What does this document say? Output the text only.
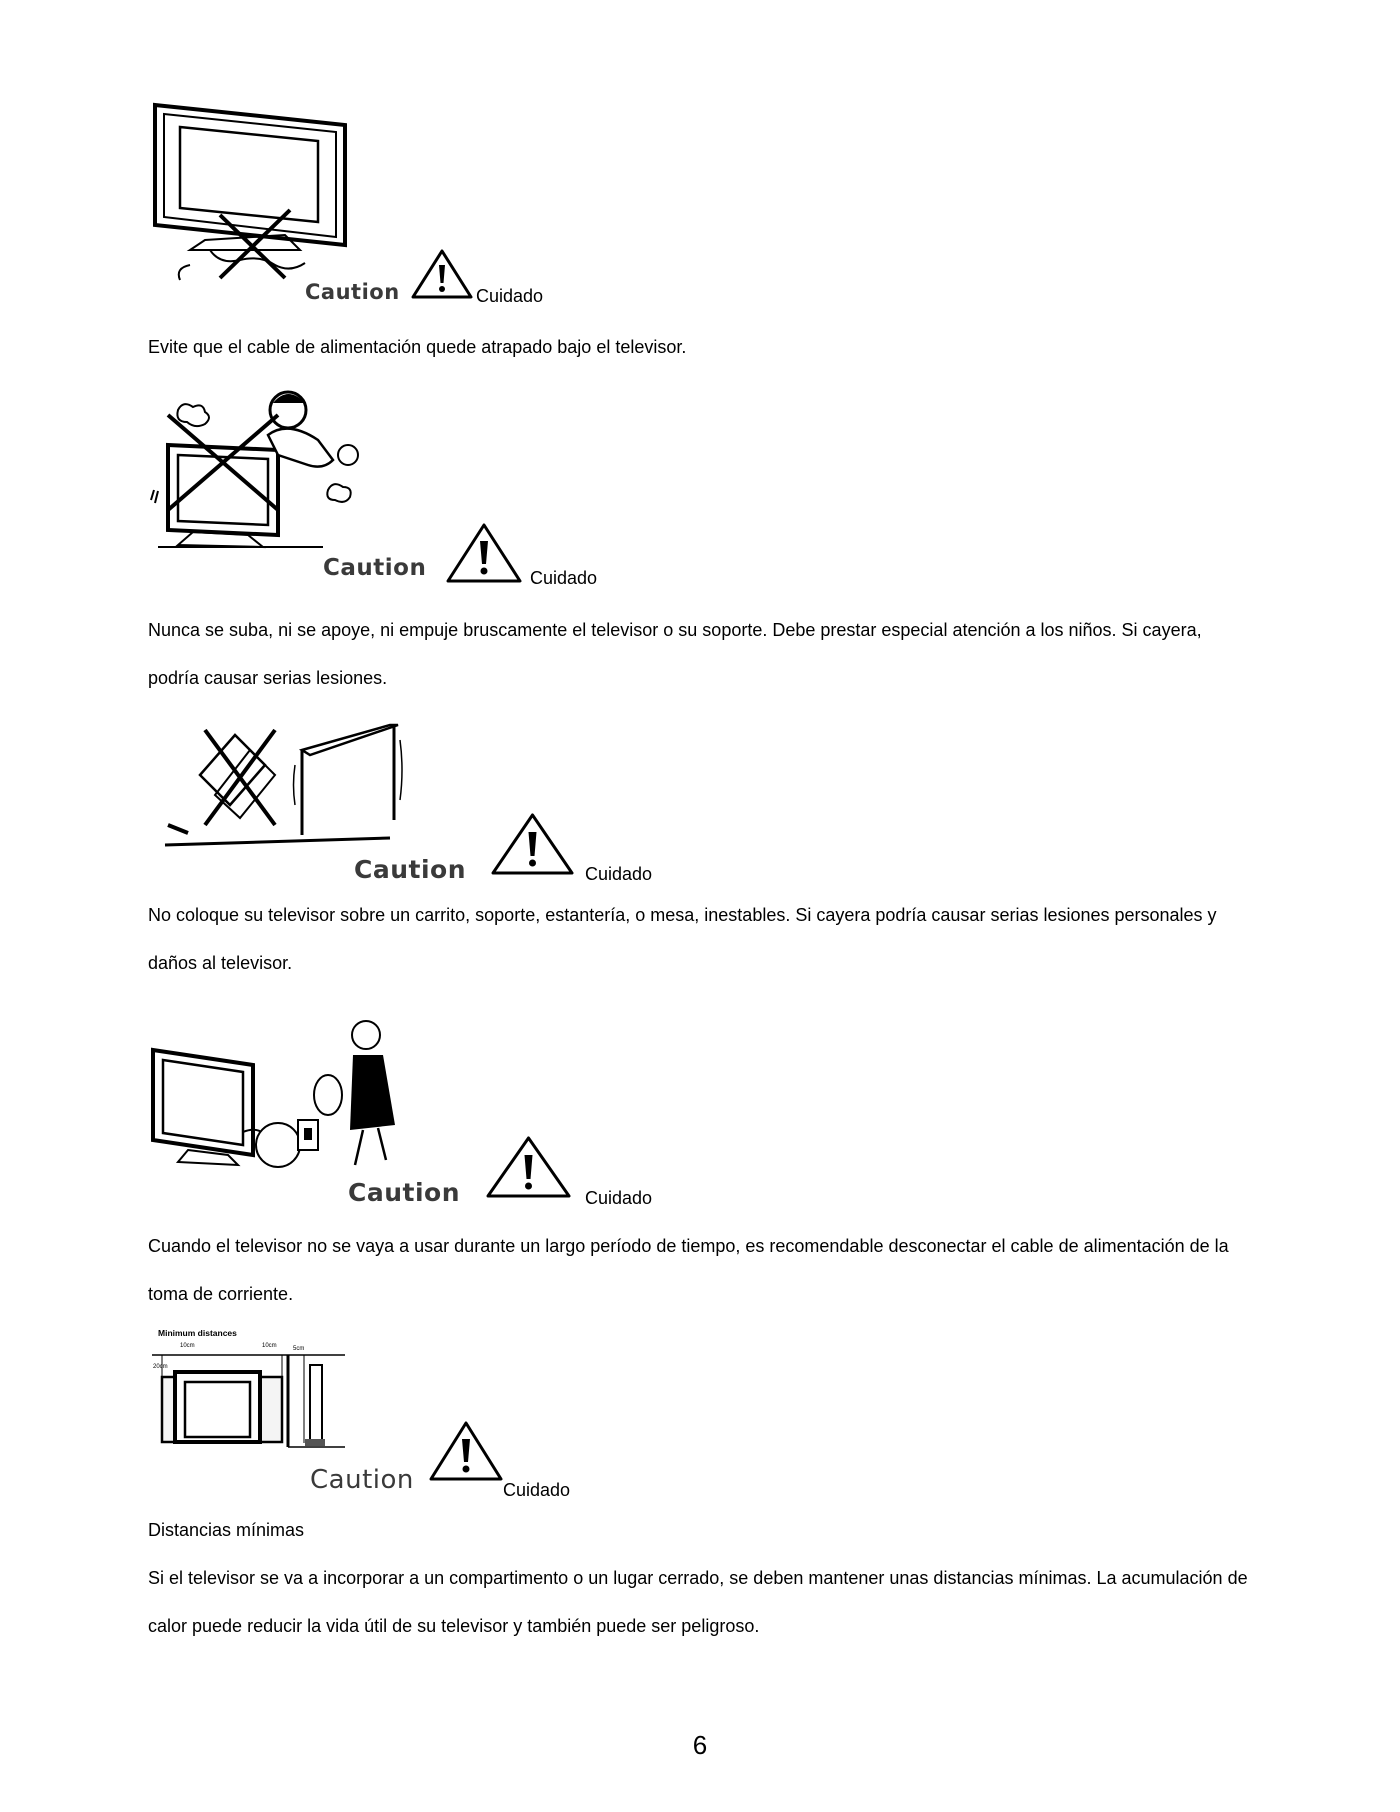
Caution	Cuidado

Evite que el cable de alimentación quede atrapado bajo el televisor.

Caution	Cuidado

Nunca se suba, ni se apoye, ni empuje bruscamente el televisor o su soporte. Debe prestar especial atención a los niños. Si cayera,

podría causar serias lesiones.

Caution	Cuidado

No coloque su televisor sobre un carrito, soporte, estantería, o mesa, inestables. Si cayera podría causar serias lesiones personales y

daños al televisor.

Caution	Cuidado

Cuando el televisor no se vaya a usar durante un largo período de tiempo, es recomendable desconectar el cable de alimentación de la

toma de corriente.

Minimum distances
10cm	10cm	5cm
20cm
Caution	Cuidado

Distancias mínimas

Si el televisor se va a incorporar a un compartimento o un lugar cerrado, se deben mantener unas distancias mínimas. La acumulación de

calor puede reducir la vida útil de su televisor y también puede ser peligroso.

6
